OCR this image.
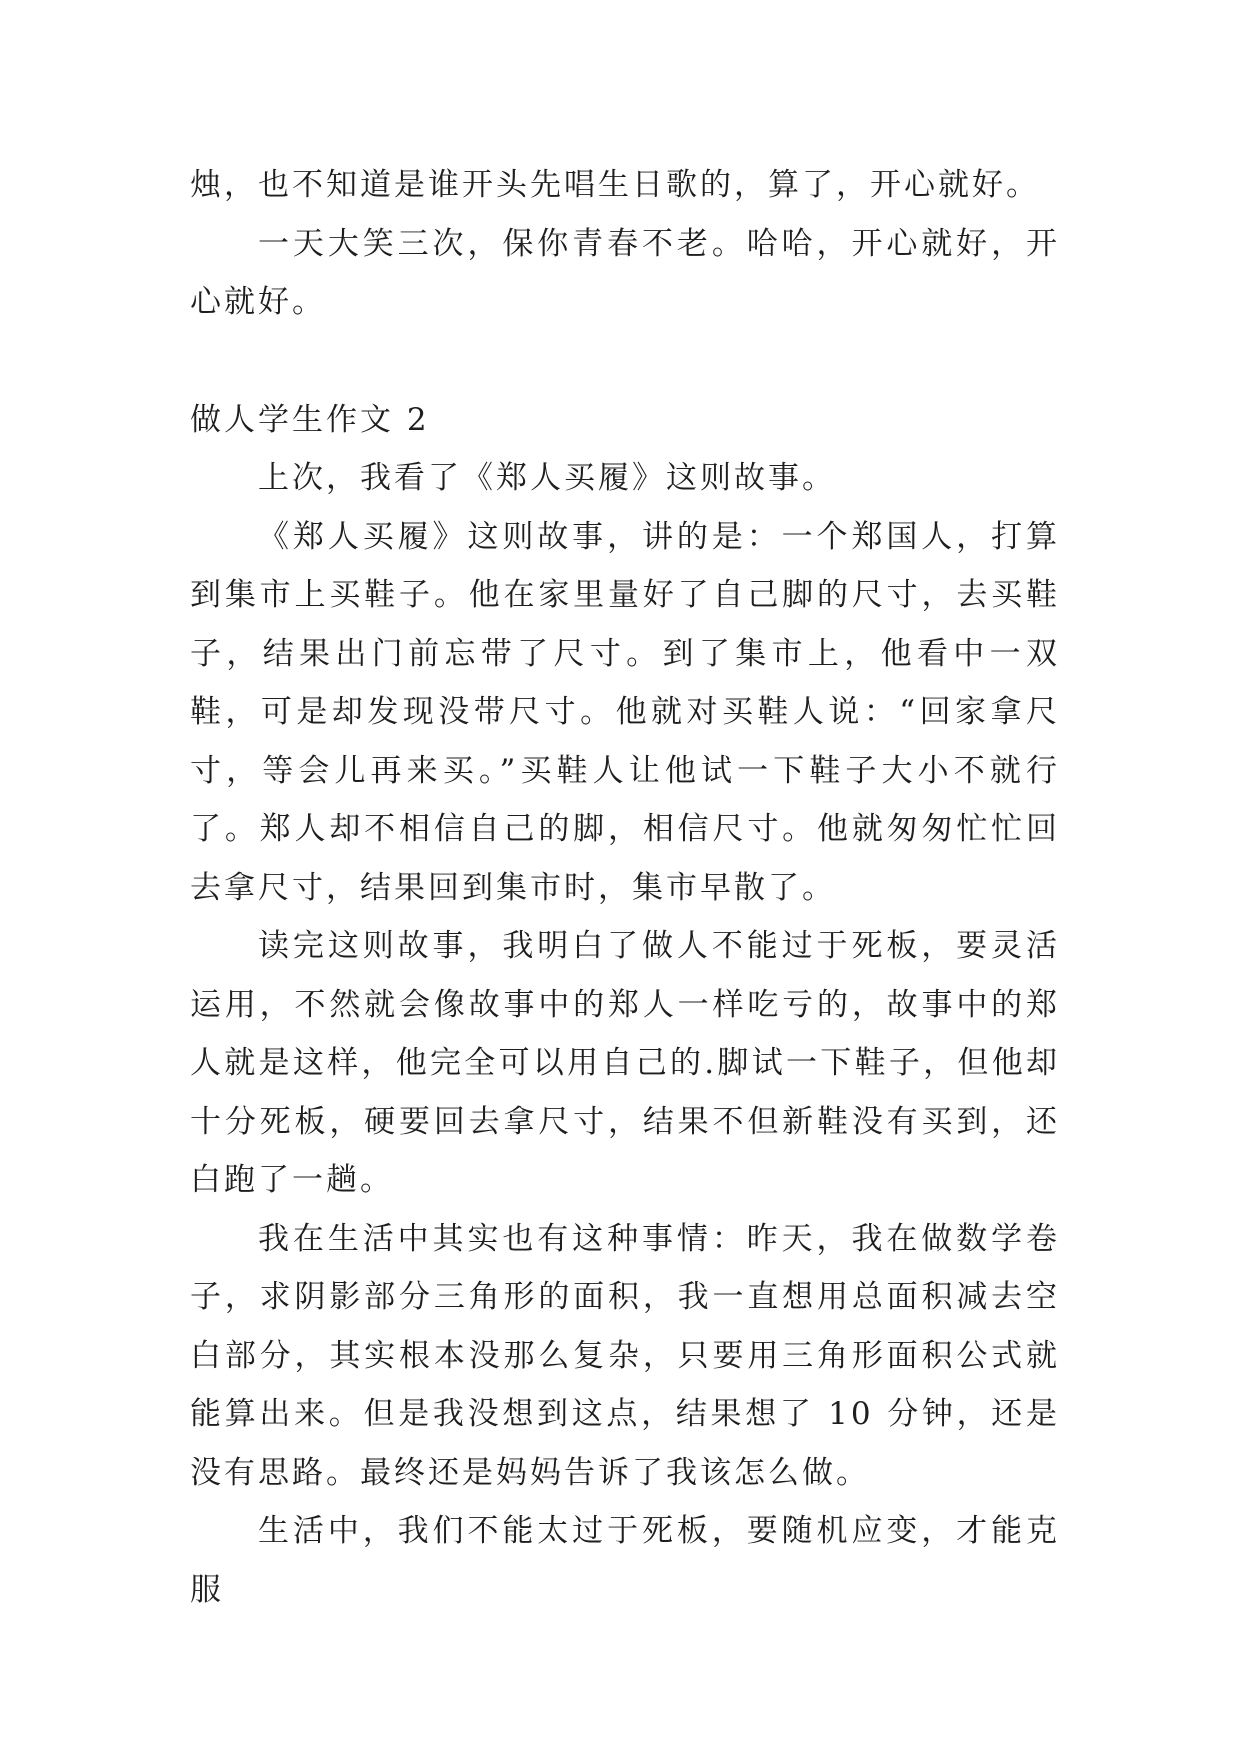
烛，也不知道是谁开头先唱生日歌的，算了，开心就好。

一天大笑三次，保你青春不老。哈哈，开心就好，开心就好。

做人学生作文 2

上次，我看了《郑人买履》这则故事。

《郑人买履》这则故事，讲的是：一个郑国人，打算到集市上买鞋子。他在家里量好了自己脚的尺寸，去买鞋子，结果出门前忘带了尺寸。到了集市上，他看中一双鞋，可是却发现没带尺寸。他就对买鞋人说：“回家拿尺寸，等会儿再来买。”买鞋人让他试一下鞋子大小不就行了。郑人却不相信自己的脚，相信尺寸。他就匆匆忙忙回去拿尺寸，结果回到集市时，集市早散了。

读完这则故事，我明白了做人不能过于死板，要灵活运用，不然就会像故事中的郑人一样吃亏的，故事中的郑人就是这样，他完全可以用自己的.脚试一下鞋子，但他却十分死板，硬要回去拿尺寸，结果不但新鞋没有买到，还白跑了一趟。

我在生活中其实也有这种事情：昨天，我在做数学卷子，求阴影部分三角形的面积，我一直想用总面积减去空白部分，其实根本没那么复杂，只要用三角形面积公式就能算出来。但是我没想到这点，结果想了 10 分钟，还是没有思路。最终还是妈妈告诉了我该怎么做。

生活中，我们不能太过于死板，要随机应变，才能克服
